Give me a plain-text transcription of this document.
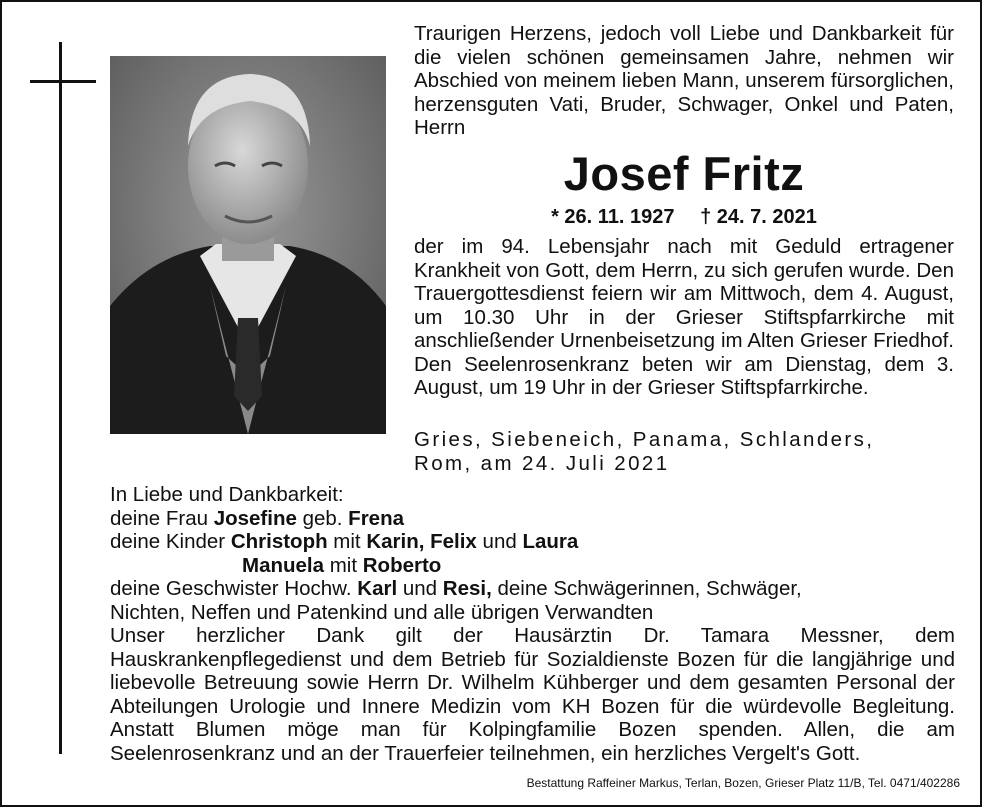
Traurigen Herzens, jedoch voll Liebe und Dankbarkeit für die vielen schönen gemeinsamen Jahre, nehmen wir Abschied von meinem lieben Mann, unserem fürsorglichen, herzensguten Vati, Bruder, Schwager, Onkel und Paten, Herrn

Josef Fritz
* 26. 11. 1927 † 24. 7. 2021
der im 94. Lebensjahr nach mit Geduld ertragener Krankheit von Gott, dem Herrn, zu sich gerufen wurde. Den Trauergottesdienst feiern wir am Mittwoch, dem 4. August, um 10.30 Uhr in der Grieser Stiftspfarrkirche mit anschließender Urnenbeisetzung im Alten Grieser Friedhof. Den Seelenrosenkranz beten wir am Dienstag, dem 3. August, um 19 Uhr in der Grieser Stiftspfarrkirche.
Gries, Siebeneich, Panama, Schlanders,
Rom, am 24. Juli 2021
In Liebe und Dankbarkeit:
deine Frau Josefine geb. Frena
deine Kinder Christoph mit Karin, Felix und Laura
Manuela mit Roberto
deine Geschwister Hochw. Karl und Resi, deine Schwägerinnen, Schwäger,
Nichten, Neffen und Patenkind und alle übrigen Verwandten
Unser herzlicher Dank gilt der Hausärztin Dr. Tamara Messner, dem Hauskrankenpflegedienst und dem Betrieb für Sozialdienste Bozen für die langjährige und liebevolle Betreuung sowie Herrn Dr. Wilhelm Kühberger und dem gesamten Personal der Abteilungen Urologie und Innere Medizin vom KH Bozen für die würdevolle Begleitung. Anstatt Blumen möge man für Kolpingfamilie Bozen spenden. Allen, die am Seelenrosenkranz und an der Trauerfeier teilnehmen, ein herzliches Vergelt's Gott.
Bestattung Raffeiner Markus, Terlan, Bozen, Grieser Platz 11/B, Tel. 0471/402286
